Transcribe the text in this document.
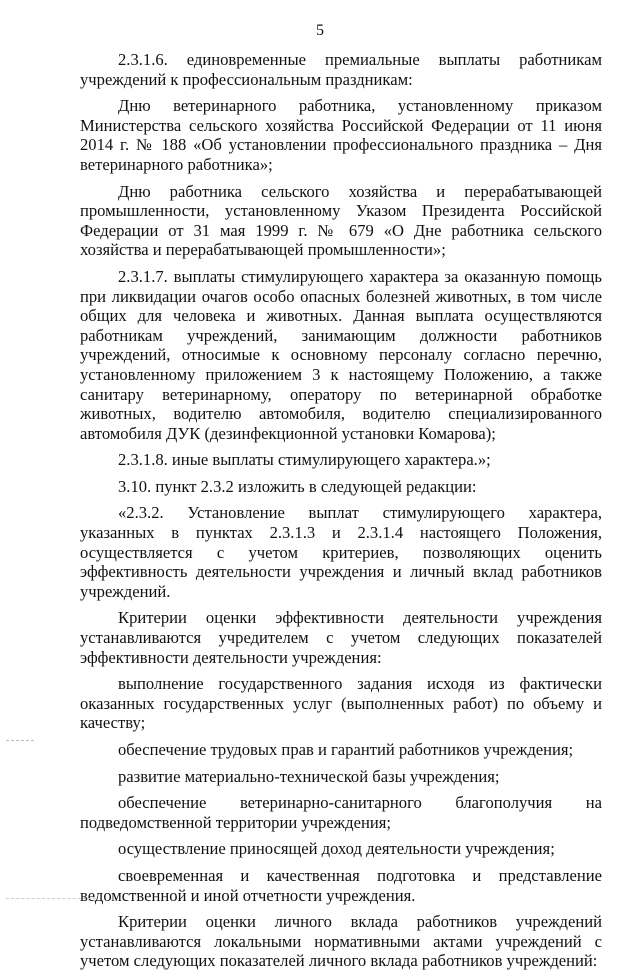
5

2.3.1.6. единовременные премиальные выплаты работникам учреждений к профессиональным праздникам:

Дню ветеринарного работника, установленному приказом Министерства сельского хозяйства Российской Федерации от 11 июня 2014 г. № 188 «Об установлении профессионального праздника – Дня ветеринарного работника»;

Дню работника сельского хозяйства и перерабатывающей промышленности, установленному Указом Президента Российской Федерации от 31 мая 1999 г. № 679 «О Дне работника сельского хозяйства и перерабатывающей промышленности»;

2.3.1.7. выплаты стимулирующего характера за оказанную помощь при ликвидации очагов особо опасных болезней животных, в том числе общих для человека и животных. Данная выплата осуществляются работникам учреждений, занимающим должности работников учреждений, относимые к основному персоналу согласно перечню, установленному приложением 3 к настоящему Положению, а также санитару ветеринарному, оператору по ветеринарной обработке животных, водителю автомобиля, водителю специализированного автомобиля ДУК (дезинфекционной установки Комарова);

2.3.1.8. иные выплаты стимулирующего характера.»;

3.10. пункт 2.3.2 изложить в следующей редакции:

«2.3.2. Установление выплат стимулирующего характера, указанных в пунктах 2.3.1.3 и 2.3.1.4 настоящего Положения, осуществляется с учетом критериев, позволяющих оценить эффективность деятельности учреждения и личный вклад работников учреждений.

Критерии оценки эффективности деятельности учреждения устанавливаются учредителем с учетом следующих показателей эффективности деятельности учреждения:

выполнение государственного задания исходя из фактически оказанных государственных услуг (выполненных работ) по объему и качеству;

обеспечение трудовых прав и гарантий работников учреждения;

развитие материально-технической базы учреждения;

обеспечение ветеринарно-санитарного благополучия на подведомственной территории учреждения;

осуществление приносящей доход деятельности учреждения;

своевременная и качественная подготовка и представление ведомственной и иной отчетности учреждения.

Критерии оценки личного вклада работников учреждений устанавливаются локальными нормативными актами учреждений с учетом следующих показателей личного вклада работников учреждений:
